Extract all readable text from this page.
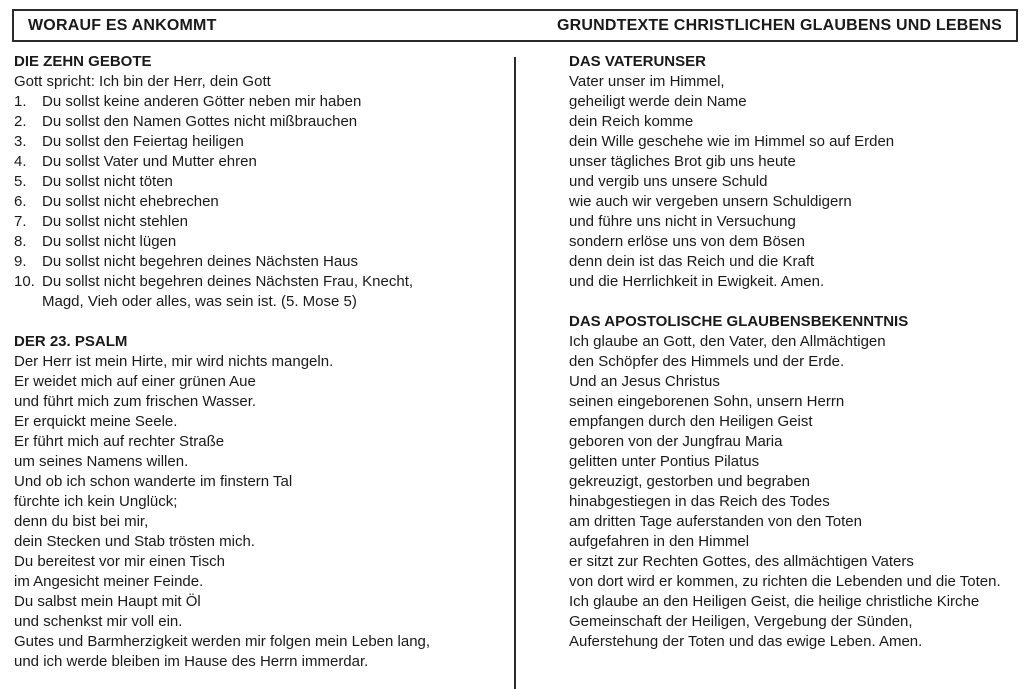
WORAUF ES ANKOMMT	GRUNDTEXTE CHRISTLICHEN GLAUBENS UND LEBENS
DIE ZEHN GEBOTE
Gott spricht: Ich bin der Herr, dein Gott
1.	Du sollst keine anderen Götter neben mir haben
2.	Du sollst den Namen Gottes nicht mißbrauchen
3.	Du sollst den Feiertag heiligen
4.	Du sollst Vater und Mutter ehren
5.	Du sollst nicht töten
6.	Du sollst nicht ehebrechen
7.	Du sollst nicht stehlen
8.	Du sollst nicht lügen
9.	Du sollst nicht begehren deines Nächsten Haus
10. Du sollst nicht begehren deines Nächsten Frau, Knecht, Magd, Vieh oder alles, was sein ist. (5. Mose 5)
DER 23. PSALM
Der Herr ist mein Hirte, mir wird nichts mangeln.
Er weidet mich auf einer grünen Aue
und führt mich zum frischen Wasser.
Er erquickt meine Seele.
Er führt mich auf rechter Straße
um seines Namens willen.
Und ob ich schon wanderte im finstern Tal
fürchte ich kein Unglück;
denn du bist bei mir,
dein Stecken und Stab trösten mich.
Du bereitest vor mir einen Tisch
im Angesicht meiner Feinde.
Du salbst mein Haupt mit Öl
und schenkst mir voll ein.
Gutes und Barmherzigkeit werden mir folgen mein Leben lang,
und ich werde bleiben im Hause des Herrn immerdar.
DAS VATERUNSER
Vater unser im Himmel,
geheiligt werde dein Name
dein Reich komme
dein Wille geschehe wie im Himmel so auf Erden
unser tägliches Brot gib uns heute
und vergib uns unsere Schuld
wie auch wir vergeben unsern Schuldigern
und führe uns nicht in Versuchung
sondern erlöse uns von dem Bösen
denn dein ist das Reich und die Kraft
und die Herrlichkeit in Ewigkeit. Amen.
DAS APOSTOLISCHE GLAUBENSBEKENNTNIS
Ich glaube an Gott, den Vater, den Allmächtigen
den Schöpfer des Himmels und der Erde.
Und an Jesus Christus
seinen eingeborenen Sohn, unsern Herrn
empfangen durch den Heiligen Geist
geboren von der Jungfrau Maria
gelitten unter Pontius Pilatus
gekreuzigt, gestorben und begraben
hinabgestiegen in das Reich des Todes
am dritten Tage auferstanden von den Toten
aufgefahren in den Himmel
er sitzt zur Rechten Gottes, des allmächtigen Vaters
von dort wird er kommen, zu richten die Lebenden und die Toten.
Ich glaube an den Heiligen Geist, die heilige christliche Kirche
Gemeinschaft der Heiligen, Vergebung der Sünden,
Auferstehung der Toten und das ewige Leben. Amen.
